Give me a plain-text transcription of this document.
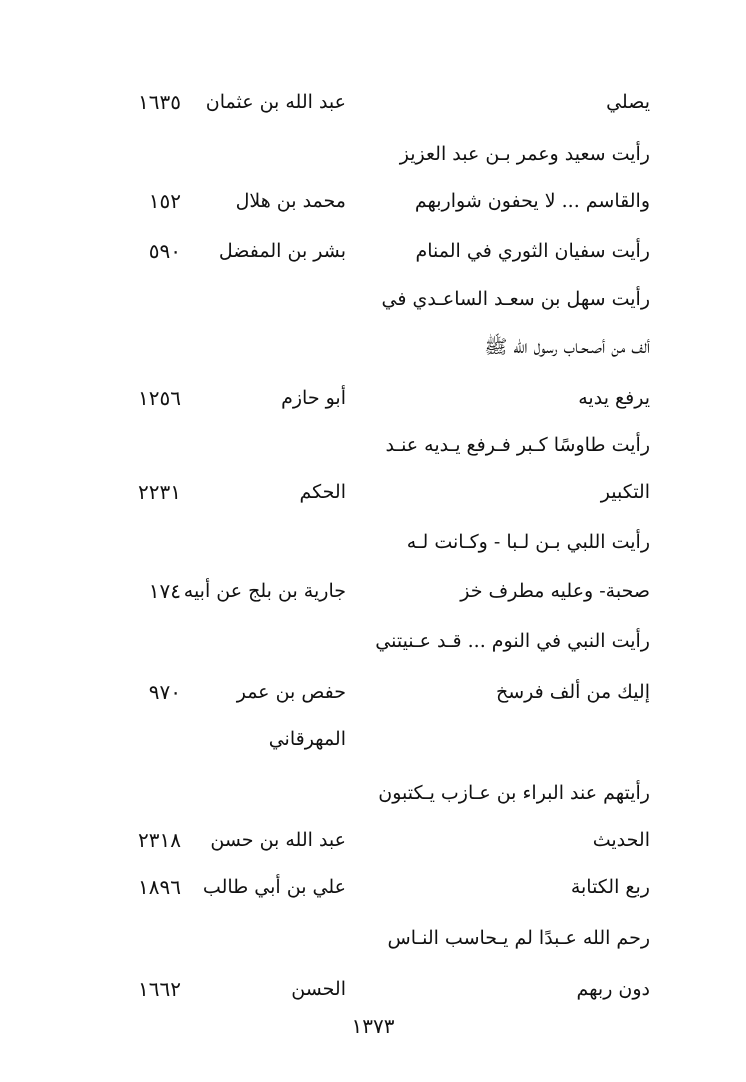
يصلي
عبد الله بن عثمان
١٦٣٥
رأيت سعيد وعمر بـن عبد العزيز
والقاسم ... لا يحفون شواربهم
محمد بن هلال
١٥٢
رأيت سفيان الثوري في المنام
بشر بن المفضل
٥٩٠
رأيت سهل بن سعـد الساعـدي في
ألف من أصـحـاب رسول الله ﷺ
يرفع يديه
أبو حازم
١٢٥٦
رأيت طاوسًا كـبر فـرفع يـديه عنـد
التكبير
الحكم
٢٢٣١
رأيت اللبي بـن لـبا - وكـانت لـه
صحبة- وعليه مطرف خز
جارية بن بلج عن أبيه
١٧٤
رأيت النبي في النوم ... قـد عـنيتني
إليك من ألف فرسخ
حفص بن عمر
٩٧٠
المهرقاني
رأيتهم عند البراء بن عـازب يـكتبون
الحديث
عبد الله بن حسن
٢٣١٨
ربع الكتابة
علي بن أبي طالب
١٨٩٦
رحم الله عـبدًا لم يـحاسب النـاس
دون ربهم
الحسن
١٦٦٢
١٣٧٣
